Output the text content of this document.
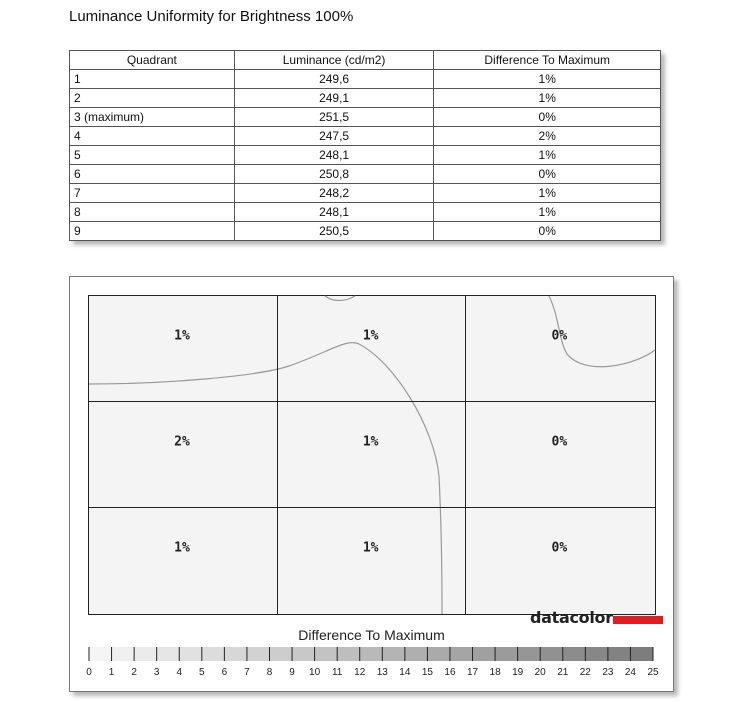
Luminance Uniformity for Brightness 100%
Quadrant	Luminance (cd/m2)	Difference To Maximum
1	249,6	1%
2	249,1	1%
3 (maximum)	251,5	0%
4	247,5	2%
5	248,1	1%
6	250,8	0%
7	248,2	1%
8	248,1	1%
9	250,5	0%
1%	1%	0%
2%	1%	0%
1%	1%	0%
datacolor
Difference To Maximum
0 1 2 3 4 5 6 7 8 9 10 11 12 13 14 15 16 17 18 19 20 21 22 23 24 25
